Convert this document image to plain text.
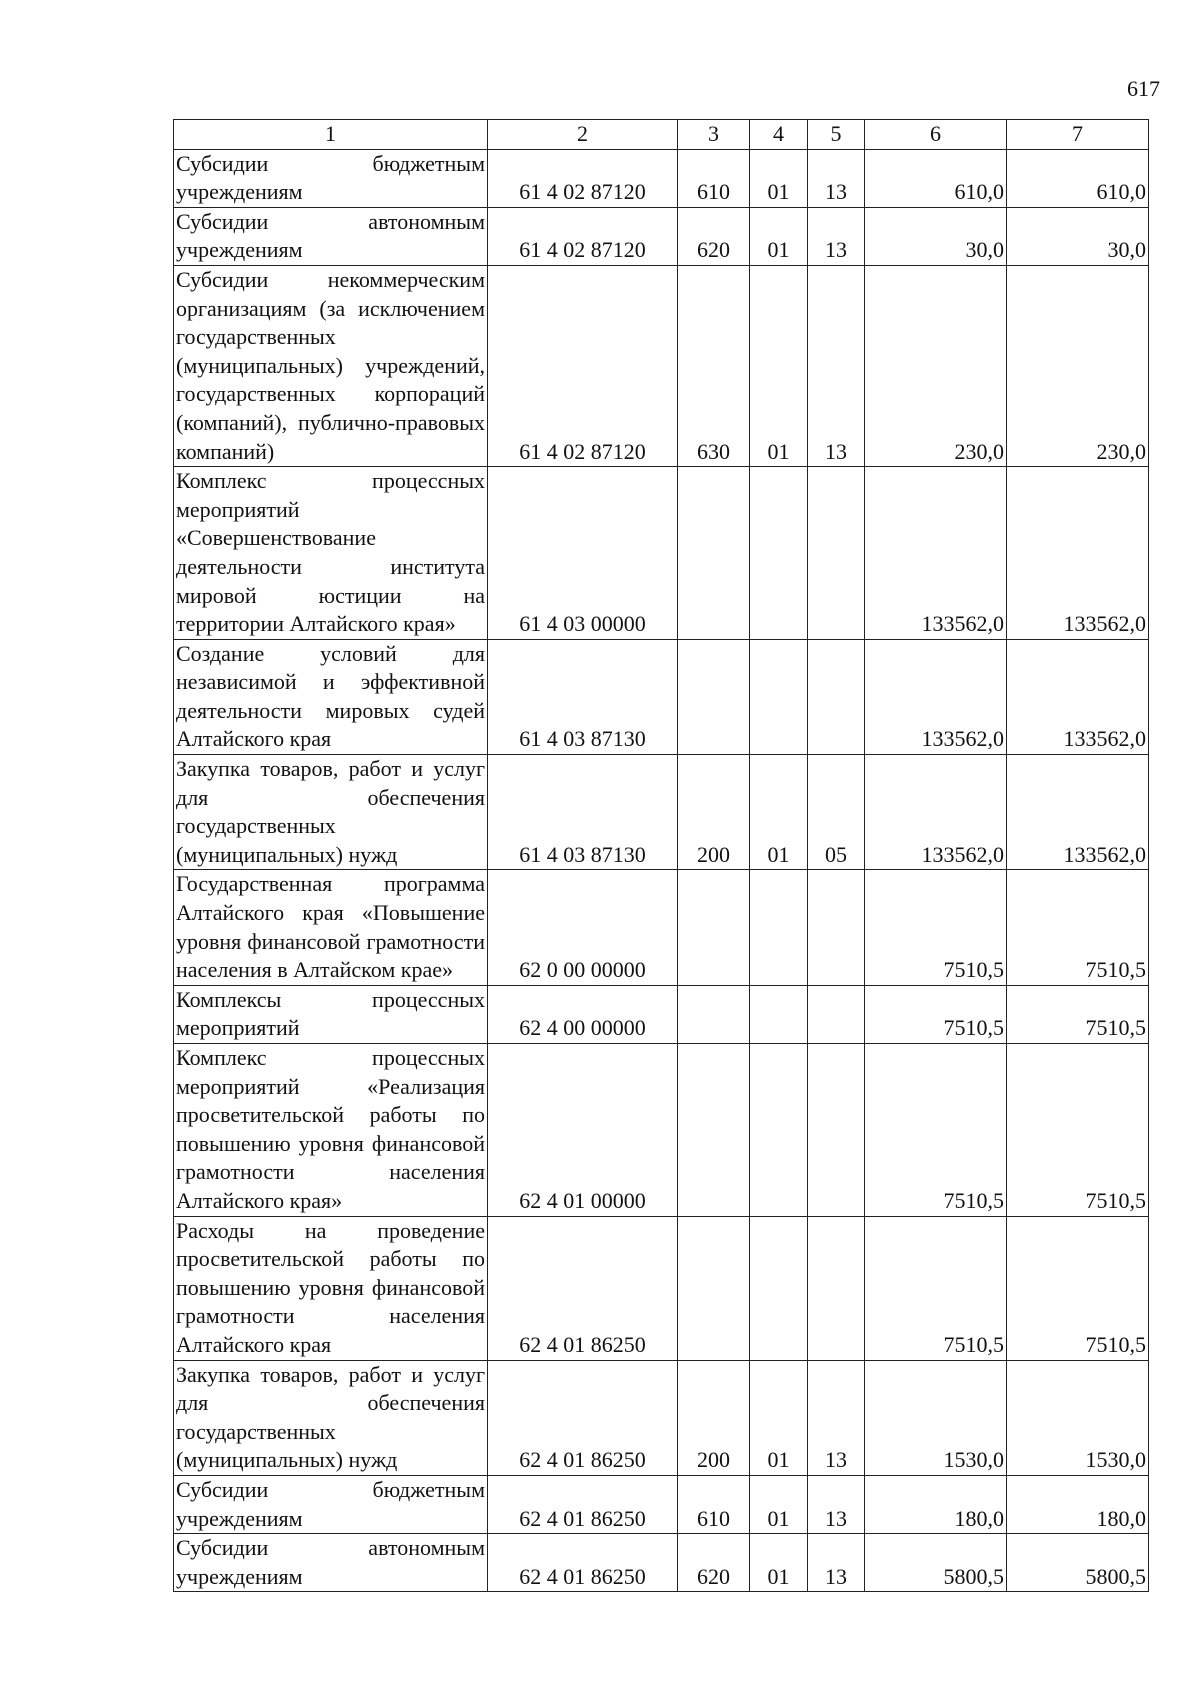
617
1	2	3	4	5	6	7
Субсидии бюджетным учреждениям	61 4 02 87120	610	01	13	610,0	610,0
Субсидии автономным учреждениям	61 4 02 87120	620	01	13	30,0	30,0
Субсидии некоммерческим организациям (за исключением государственных (муниципальных) учреждений, государственных корпораций (компаний), публично-правовых компаний)	61 4 02 87120	630	01	13	230,0	230,0
Комплекс процессных мероприятий «Совершенствование деятельности института мировой юстиции на территории Алтайского края»	61 4 03 00000				133562,0	133562,0
Создание условий для независимой и эффективной деятельности мировых судей Алтайского края	61 4 03 87130				133562,0	133562,0
Закупка товаров, работ и услуг для обеспечения государственных (муниципальных) нужд	61 4 03 87130	200	01	05	133562,0	133562,0
Государственная программа Алтайского края «Повышение уровня финансовой грамотности населения в Алтайском крае»	62 0 00 00000				7510,5	7510,5
Комплексы процессных мероприятий	62 4 00 00000				7510,5	7510,5
Комплекс процессных мероприятий «Реализация просветительской работы по повышению уровня финансовой грамотности населения Алтайского края»	62 4 01 00000				7510,5	7510,5
Расходы на проведение просветительской работы по повышению уровня финансовой грамотности населения Алтайского края	62 4 01 86250				7510,5	7510,5
Закупка товаров, работ и услуг для обеспечения государственных (муниципальных) нужд	62 4 01 86250	200	01	13	1530,0	1530,0
Субсидии бюджетным учреждениям	62 4 01 86250	610	01	13	180,0	180,0
Субсидии автономным учреждениям	62 4 01 86250	620	01	13	5800,5	5800,5
